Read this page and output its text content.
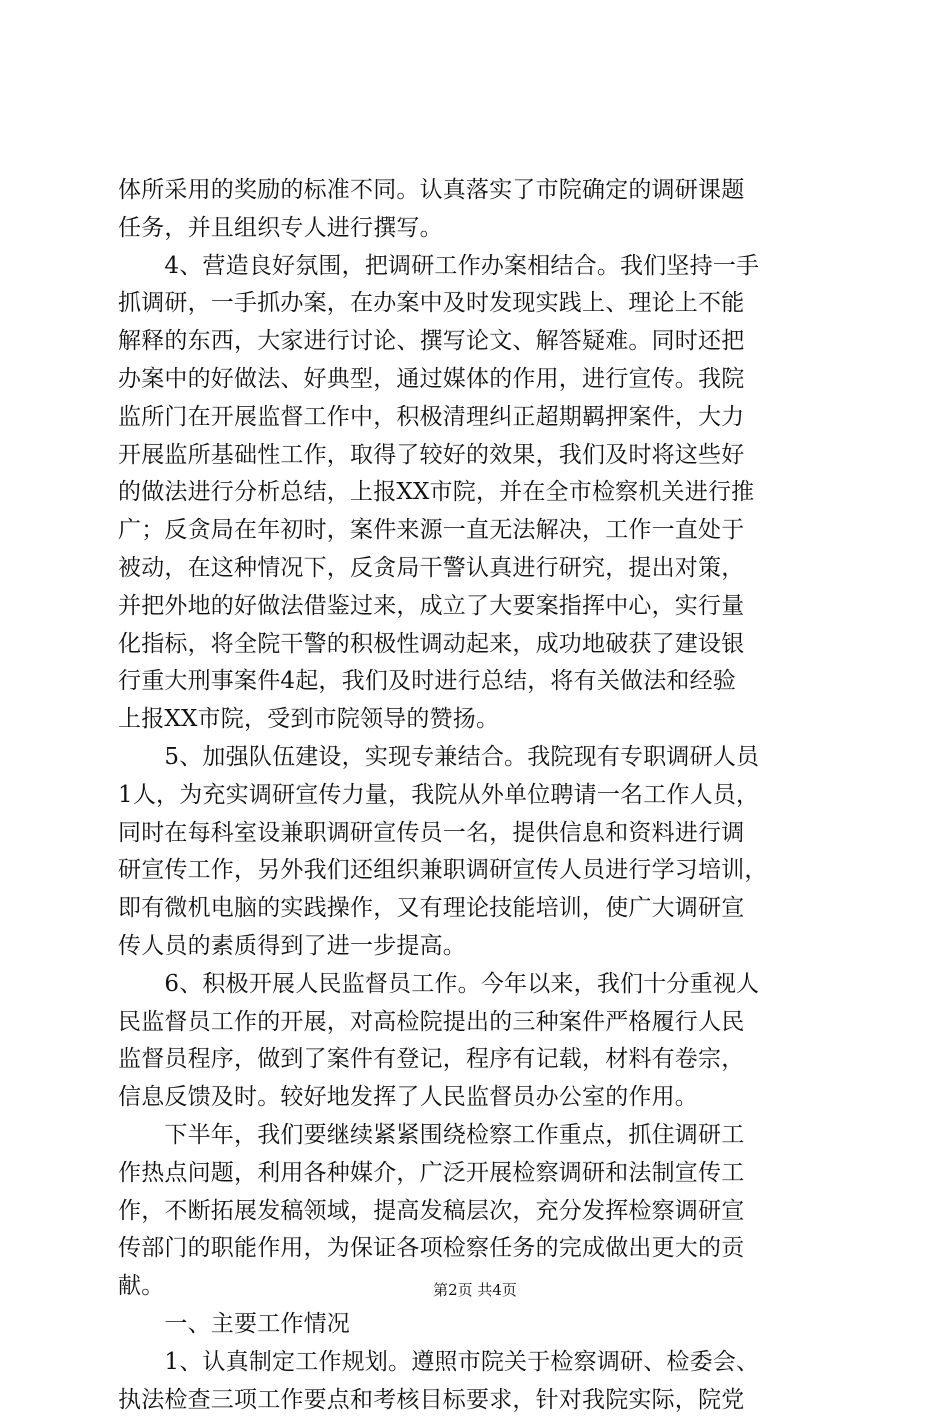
体所采用的奖励的标准不同。认真落实了市院确定的调研课题
任务，并且组织专人进行撰写。
　　4、营造良好氛围，把调研工作办案相结合。我们坚持一手
抓调研，一手抓办案，在办案中及时发现实践上、理论上不能
解释的东西，大家进行讨论、撰写论文、解答疑难。同时还把
办案中的好做法、好典型，通过媒体的作用，进行宣传。我院
监所门在开展监督工作中，积极清理纠正超期羁押案件，大力
开展监所基础性工作，取得了较好的效果，我们及时将这些好
的做法进行分析总结，上报XX市院，并在全市检察机关进行推
广；反贪局在年初时，案件来源一直无法解决，工作一直处于
被动，在这种情况下，反贪局干警认真进行研究，提出对策，
并把外地的好做法借鉴过来，成立了大要案指挥中心，实行量
化指标，将全院干警的积极性调动起来，成功地破获了建设银
行重大刑事案件4起，我们及时进行总结，将有关做法和经验
上报XX市院，受到市院领导的赞扬。
　　5、加强队伍建设，实现专兼结合。我院现有专职调研人员
1人，为充实调研宣传力量，我院从外单位聘请一名工作人员，
同时在每科室设兼职调研宣传员一名，提供信息和资料进行调
研宣传工作，另外我们还组织兼职调研宣传人员进行学习培训，
即有微机电脑的实践操作，又有理论技能培训，使广大调研宣
传人员的素质得到了进一步提高。
　　6、积极开展人民监督员工作。今年以来，我们十分重视人
民监督员工作的开展，对高检院提出的三种案件严格履行人民
监督员程序，做到了案件有登记，程序有记载，材料有卷宗，
信息反馈及时。较好地发挥了人民监督员办公室的作用。
　　下半年，我们要继续紧紧围绕检察工作重点，抓住调研工
作热点问题，利用各种媒介，广泛开展检察调研和法制宣传工
作，不断拓展发稿领域，提高发稿层次，充分发挥检察调研宣
传部门的职能作用，为保证各项检察任务的完成做出更大的贡
献。
　　一、主要工作情况
　　1、认真制定工作规划。遵照市院关于检察调研、检委会、
执法检查三项工作要点和考核目标要求，针对我院实际，院党
第2页 共4页
